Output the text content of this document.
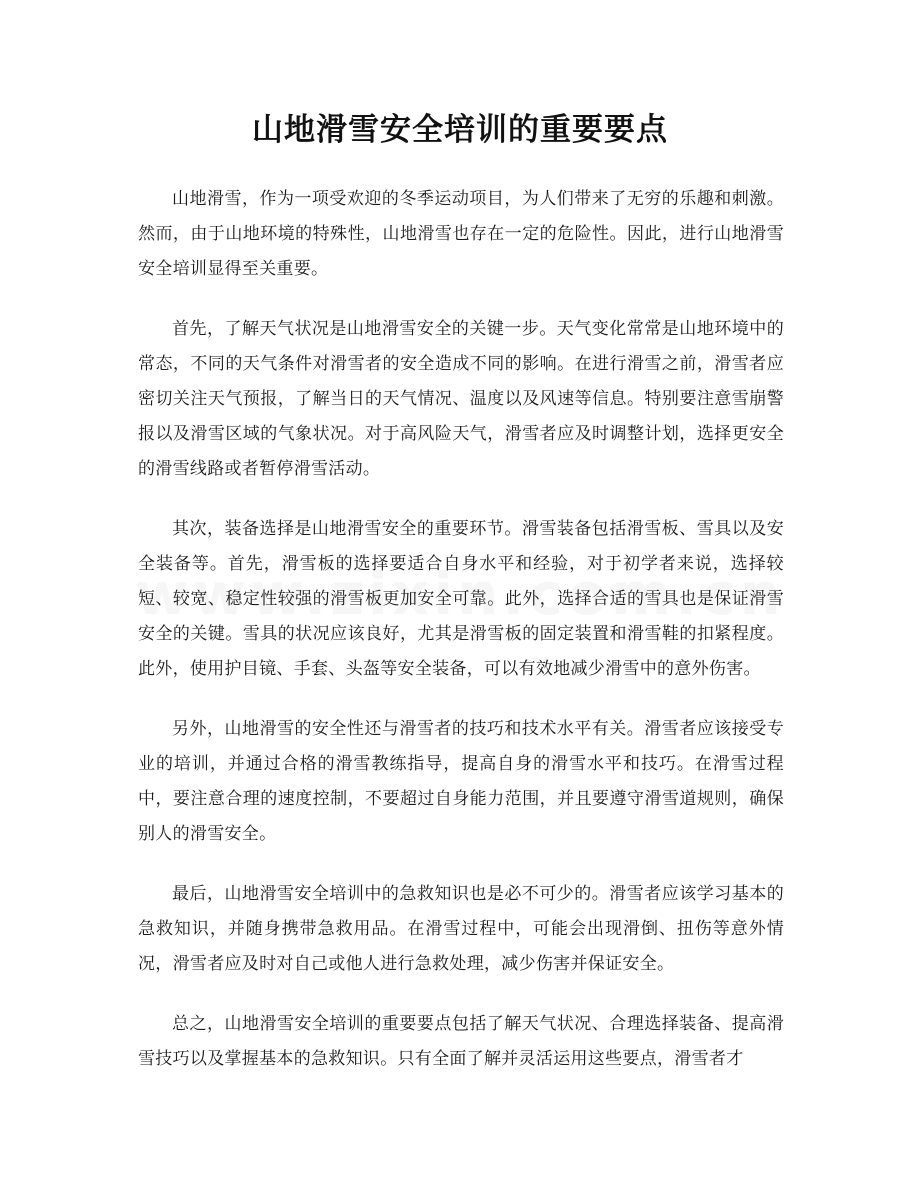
山地滑雪安全培训的重要要点

山地滑雪，作为一项受欢迎的冬季运动项目，为人们带来了无穷的乐趣和刺激。然而，由于山地环境的特殊性，山地滑雪也存在一定的危险性。因此，进行山地滑雪安全培训显得至关重要。

首先，了解天气状况是山地滑雪安全的关键一步。天气变化常常是山地环境中的常态，不同的天气条件对滑雪者的安全造成不同的影响。在进行滑雪之前，滑雪者应密切关注天气预报，了解当日的天气情况、温度以及风速等信息。特别要注意雪崩警报以及滑雪区域的气象状况。对于高风险天气，滑雪者应及时调整计划，选择更安全的滑雪线路或者暂停滑雪活动。

其次，装备选择是山地滑雪安全的重要环节。滑雪装备包括滑雪板、雪具以及安全装备等。首先，滑雪板的选择要适合自身水平和经验，对于初学者来说，选择较短、较宽、稳定性较强的滑雪板更加安全可靠。此外，选择合适的雪具也是保证滑雪安全的关键。雪具的状况应该良好，尤其是滑雪板的固定装置和滑雪鞋的扣紧程度。此外，使用护目镜、手套、头盔等安全装备，可以有效地减少滑雪中的意外伤害。

另外，山地滑雪的安全性还与滑雪者的技巧和技术水平有关。滑雪者应该接受专业的培训，并通过合格的滑雪教练指导，提高自身的滑雪水平和技巧。在滑雪过程中，要注意合理的速度控制，不要超过自身能力范围，并且要遵守滑雪道规则，确保别人的滑雪安全。

最后，山地滑雪安全培训中的急救知识也是必不可少的。滑雪者应该学习基本的急救知识，并随身携带急救用品。在滑雪过程中，可能会出现滑倒、扭伤等意外情况，滑雪者应及时对自己或他人进行急救处理，减少伤害并保证安全。

总之，山地滑雪安全培训的重要要点包括了解天气状况、合理选择装备、提高滑雪技巧以及掌握基本的急救知识。只有全面了解并灵活运用这些要点，滑雪者才
